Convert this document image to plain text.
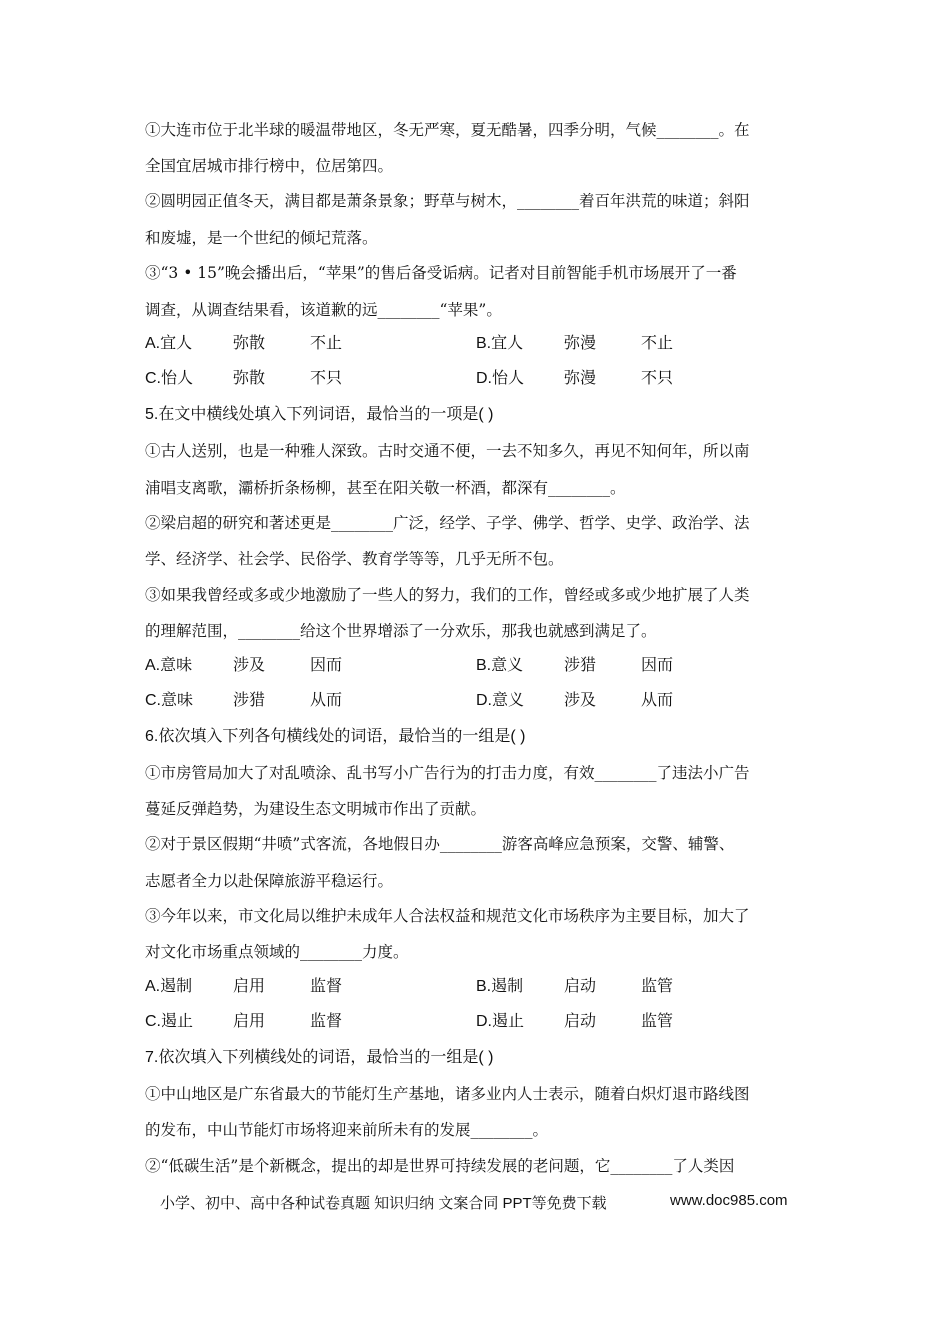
①大连市位于北半球的暖温带地区，冬无严寒，夏无酷暑，四季分明，气候________。在
全国宜居城市排行榜中，位居第四。
②圆明园正值冬天，满目都是萧条景象；野草与树木，________着百年洪荒的味道；斜阳
和废墟，是一个世纪的倾圮荒落。
③“3 • 15”晚会播出后，“苹果”的售后备受诟病。记者对目前智能手机市场展开了一番
调查，从调查结果看，该道歉的远________“苹果”。
A.宜人	弥散	不止	B.宜人	弥漫	不止
C.怡人 弥散	不只	D.怡人 弥漫	不只
5.在文中横线处填入下列词语，最恰当的一项是( )
①古人送别，也是一种雅人深致。古时交通不便，一去不知多久，再见不知何年，所以南
浦唱支离歌，灞桥折条杨柳，甚至在阳关敬一杯酒，都深有________。
②梁启超的研究和著述更是________广泛，经学、子学、佛学、哲学、史学、政治学、法
学、经济学、社会学、民俗学、教育学等等，几乎无所不包。
③如果我曾经或多或少地激励了一些人的努力，我们的工作，曾经或多或少地扩展了人类
的理解范围，________给这个世界增添了一分欢乐，那我也就感到满足了。
A.意味	涉及	因而	B.意义	涉猎	因而
C.意味 涉猎	从而	D.意义 涉及	从而
6.依次填入下列各句横线处的词语，最恰当的一组是( )
①市房管局加大了对乱喷涂、乱书写小广告行为的打击力度，有效________了违法小广告
蔓延反弹趋势，为建设生态文明城市作出了贡献。
②对于景区假期“井喷”式客流，各地假日办________游客高峰应急预案，交警、辅警、
志愿者全力以赴保障旅游平稳运行。
③今年以来，市文化局以维护未成年人合法权益和规范文化市场秩序为主要目标，加大了
对文化市场重点领域的________力度。
A.遏制	启用	监督	B.遏制	启动	监管
C.遏止 启用	监督	D.遏止 启动	监管
7.依次填入下列横线处的词语，最恰当的一组是( )
①中山地区是广东省最大的节能灯生产基地，诸多业内人士表示，随着白炽灯退市路线图
的发布，中山节能灯市场将迎来前所未有的发展________。
②“低碳生活”是个新概念，提出的却是世界可持续发展的老问题，它________了人类因
小学、初中、高中各种试卷真题 知识归纳 文案合同 PPT等免费下载	www.doc985.com
